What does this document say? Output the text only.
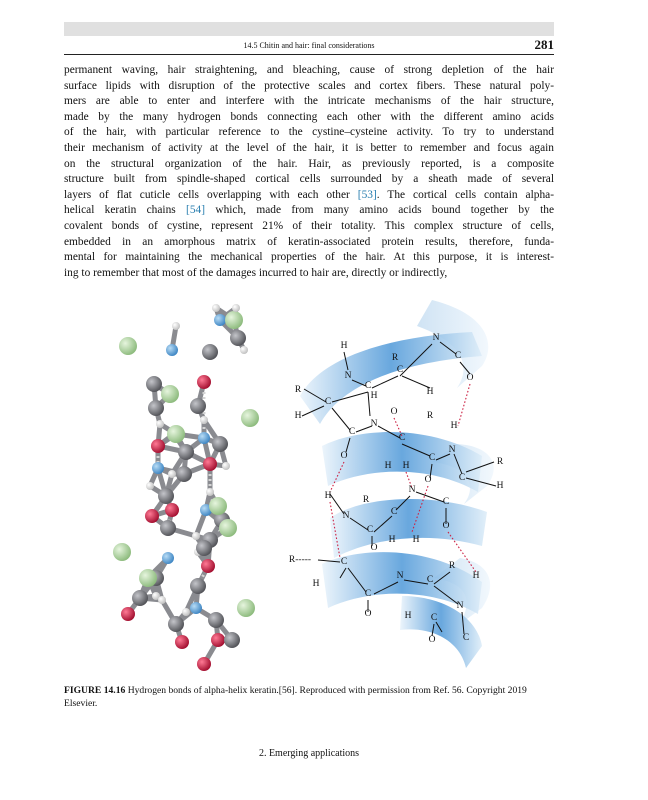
14.5 Chitin and hair: final considerations	281
permanent waving, hair straightening, and bleaching, cause of strong depletion of the hair
surface lipids with disruption of the protective scales and cortex fibers. These natural poly-
mers are able to enter and interfere with the intricate mechanisms of the hair structure,
made by the many hydrogen bonds connecting each other with the different amino acids
of the hair, with particular reference to the cystine–cysteine activity. To try to understand
their mechanism of activity at the level of the hair, it is better to remember and focus again
on the structural organization of the hair. Hair, as previously reported, is a composite
structure built from spindle-shaped cortical cells surrounded by a sheath made of several
layers of flat cuticle cells overlapping with each other [53]. The cortical cells contain alpha-
helical keratin chains [54] which, made from many amino acids bound together by the
covalent bonds of cystine, represent 21% of their totality. This complex structure of cells,
embedded in an amorphous matrix of keratin-associated protein results, therefore, funda-
mental for maintaining the mechanical properties of the hair. At this purpose, it is interest-
ing to remember that most of the damages incurred to hair are, directly or indirectly,
H
R
N
C
N
C
C
H
O
R
H
C
O
H
N
R
H
C
C
C
N
R
O
H H
C
H
O
H
N
R	C
N	C
C	O
O
H H
R-----	C
N C
R
H
H
C
N
O	H C
O	C
FIGURE 14.16 Hydrogen bonds of alpha-helix keratin.[56]. Reproduced with permission from Ref. 56. Copyright 2019 Elsevier.
2. Emerging applications
